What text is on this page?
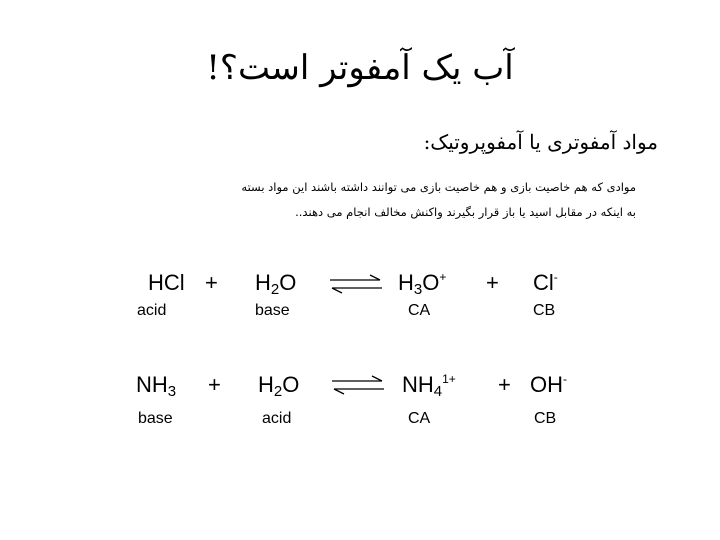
آب یک آمفوتر است؟!
مواد آمفوتری یا آمفوپروتیک:
موادی که هم خاصیت بازی و هم خاصیت بازی می توانند داشته باشند این مواد بسته
به اینکه در مقابل اسید یا باز قرار بگیرند واکنش مخالف انجام می دهند..
HCl + $H_2O$ ⇌ $H_3O^+ + Cl^-$
acid	base	CA	CB
$NH_3 + H_2O$ ⇌ $NH_4^{1+} + OH^-$
base	acid	CA	CB
